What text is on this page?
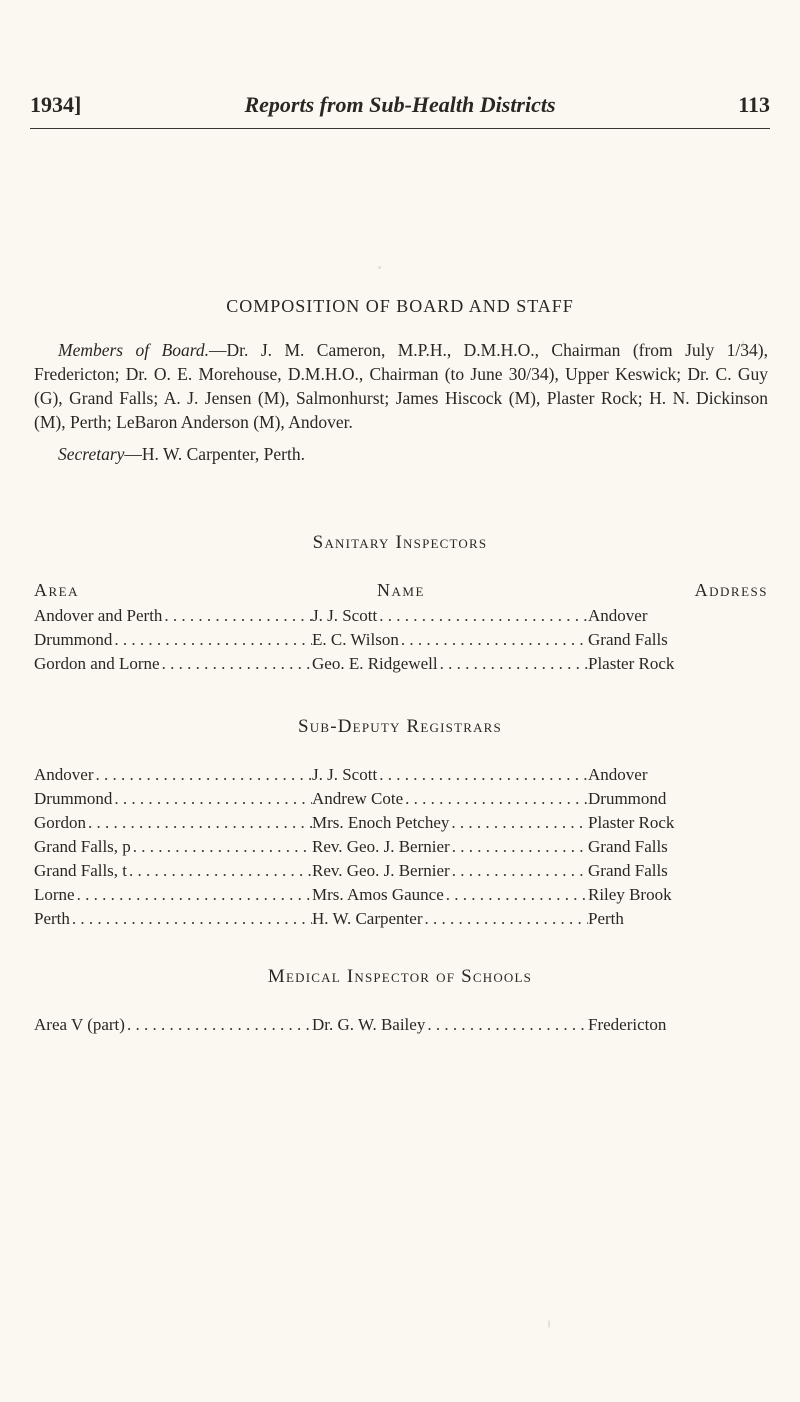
Reports from Sub-Health Districts
1934]	113
COMPOSITION OF BOARD AND STAFF
Members of Board.—Dr. J. M. Cameron, M.P.H., D.M.H.O., Chairman (from July 1/34), Fredericton; Dr. O. E. Morehouse, D.M.H.O., Chairman (to June 30/34), Upper Keswick; Dr. C. Guy (G), Grand Falls; A. J. Jensen (M), Salmonhurst; James Hiscock (M), Plaster Rock; H. N. Dickinson (M), Perth; LeBaron Anderson (M), Andover.
Secretary—H. W. Carpenter, Perth.
Sanitary Inspectors
Area	Name	Address
Andover and Perth . . .	J. J. Scott . . .	Andover
Drummond . . .	E. C. Wilson . . .	Grand Falls
Gordon and Lorne . . .	Geo. E. Ridgewell . . .	Plaster Rock
Sub-Deputy Registrars
Andover . . .	J. J. Scott . . .	Andover
Drummond . . .	Andrew Cote . . .	Drummond
Gordon . . .	Mrs. Enoch Petchey . . .	Plaster Rock
Grand Falls, p . . .	Rev. Geo. J. Bernier . . .	Grand Falls
Grand Falls, t . . .	Rev. Geo. J. Bernier . . .	Grand Falls
Lorne . . .	Mrs. Amos Gaunce . . .	Riley Brook
Perth . . .	H. W. Carpenter . . .	Perth
Medical Inspector of Schools
Area V (part) . . .	Dr. G. W. Bailey . . .	Fredericton
